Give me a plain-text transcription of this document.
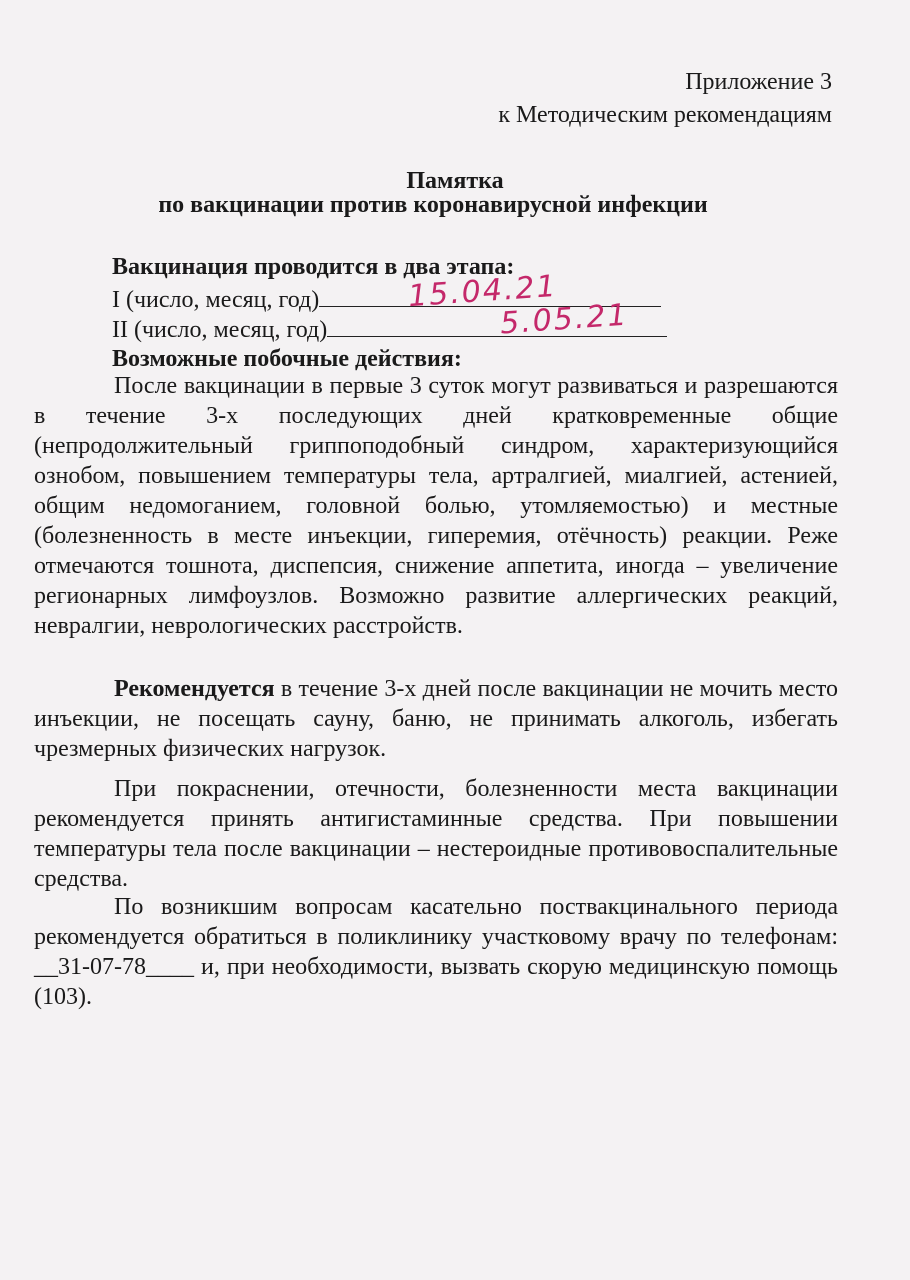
Приложение 3
к Методическим рекомендациям
Памятка
по вакцинации против коронавирусной инфекции
Вакцинация проводится в два этапа:
I (число, месяц, год)	15.04.21
II (число, месяц, год)	5.05.21
Возможные побочные действия:
После вакцинации в первые 3 суток могут развиваться и разрешаются в течение 3-х последующих дней кратковременные общие (непродолжительный гриппоподобный синдром, характеризующийся ознобом, повышением температуры тела, артралгией, миалгией, астенией, общим недомоганием, головной болью, утомляемостью) и местные (болезненность в месте инъекции, гиперемия, отёчность) реакции. Реже отмечаются тошнота, диспепсия, снижение аппетита, иногда – увеличение регионарных лимфоузлов. Возможно развитие аллергических реакций, невралгии, неврологических расстройств.
Рекомендуется в течение 3-х дней после вакцинации не мочить место инъекции, не посещать сауну, баню, не принимать алкоголь, избегать чрезмерных физических нагрузок.
При покраснении, отечности, болезненности места вакцинации рекомендуется принять антигистаминные средства. При повышении температуры тела после вакцинации – нестероидные противовоспалительные средства.
По возникшим вопросам касательно поствакцинального периода рекомендуется обратиться в поликлинику участковому врачу по телефонам: __31-07-78____ и, при необходимости, вызвать скорую медицинскую помощь (103).
